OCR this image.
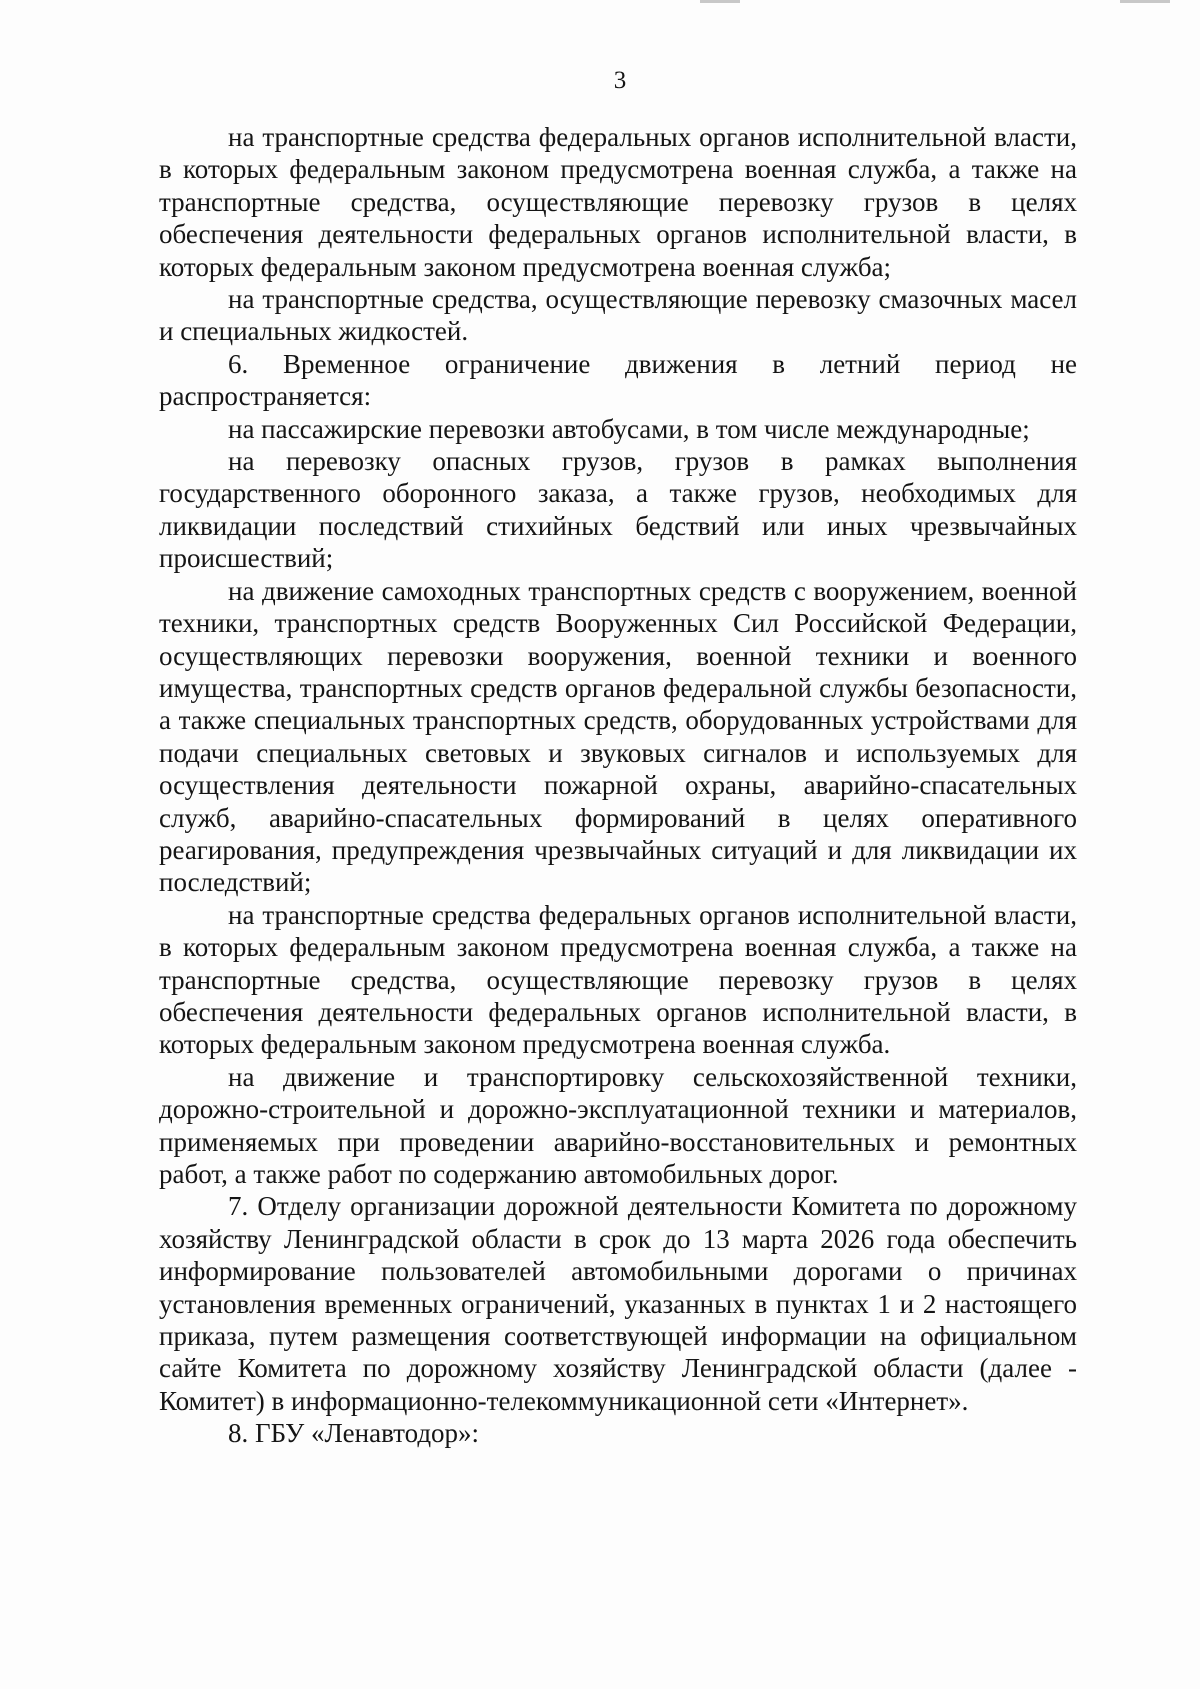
3

на транспортные средства федеральных органов исполнительной власти, в которых федеральным законом предусмотрена военная служба, а также на транспортные средства, осуществляющие перевозку грузов в целях обеспечения деятельности федеральных органов исполнительной власти, в которых федеральным законом предусмотрена военная служба;

на транспортные средства, осуществляющие перевозку смазочных масел и специальных жидкостей.

6. Временное ограничение движения в летний период не распространяется:

на пассажирские перевозки автобусами, в том числе международные;

на перевозку опасных грузов, грузов в рамках выполнения государственного оборонного заказа, а также грузов, необходимых для ликвидации последствий стихийных бедствий или иных чрезвычайных происшествий;

на движение самоходных транспортных средств с вооружением, военной техники, транспортных средств Вооруженных Сил Российской Федерации, осуществляющих перевозки вооружения, военной техники и военного имущества, транспортных средств органов федеральной службы безопасности, а также специальных транспортных средств, оборудованных устройствами для подачи специальных световых и звуковых сигналов и используемых для осуществления деятельности пожарной охраны, аварийно-спасательных служб, аварийно-спасательных формирований в целях оперативного реагирования, предупреждения чрезвычайных ситуаций и для ликвидации их последствий;

на транспортные средства федеральных органов исполнительной власти, в которых федеральным законом предусмотрена военная служба, а также на транспортные средства, осуществляющие перевозку грузов в целях обеспечения деятельности федеральных органов исполнительной власти, в которых федеральным законом предусмотрена военная служба.

на движение и транспортировку сельскохозяйственной техники, дорожно-строительной и дорожно-эксплуатационной техники и материалов, применяемых при проведении аварийно-восстановительных и ремонтных работ, а также работ по содержанию автомобильных дорог.

7. Отделу организации дорожной деятельности Комитета по дорожному хозяйству Ленинградской области в срок до 13 марта 2026 года обеспечить информирование пользователей автомобильными дорогами о причинах установления временных ограничений, указанных в пунктах 1 и 2 настоящего приказа, путем размещения соответствующей информации на официальном сайте Комитета по дорожному хозяйству Ленинградской области (далее - Комитет) в информационно-телекоммуникационной сети «Интернет».

8. ГБУ «Ленавтодор»:
